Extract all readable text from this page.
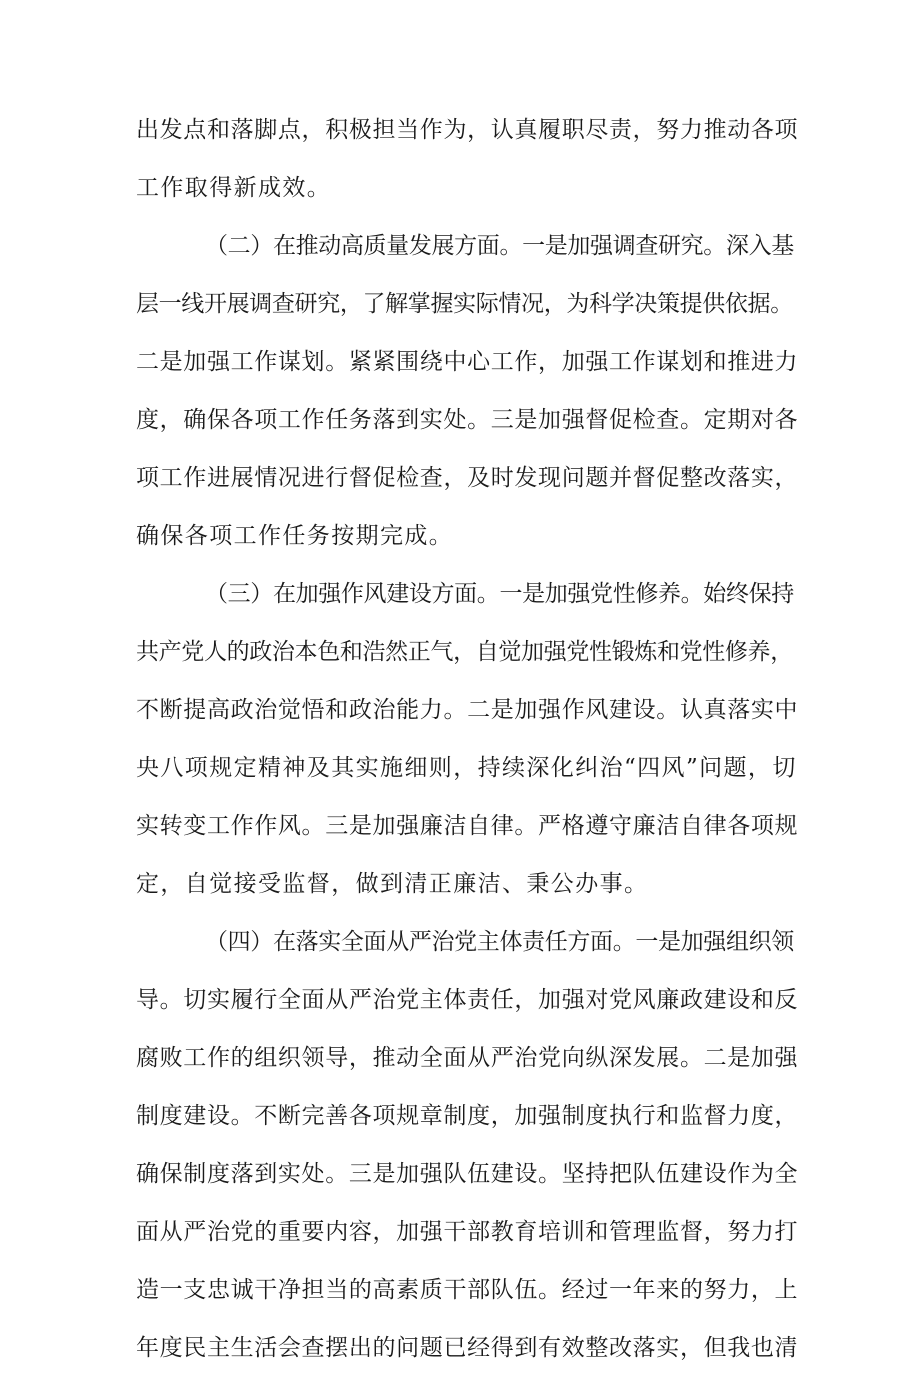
出发点和落脚点，积极担当作为，认真履职尽责，努力推动各项
工作取得新成效。
（二）在推动高质量发展方面。一是加强调查研究。深入基
层一线开展调查研究，了解掌握实际情况，为科学决策提供依据。
二是加强工作谋划。紧紧围绕中心工作，加强工作谋划和推进力
度，确保各项工作任务落到实处。三是加强督促检查。定期对各
项工作进展情况进行督促检查，及时发现问题并督促整改落实，
确保各项工作任务按期完成。
（三）在加强作风建设方面。一是加强党性修养。始终保持
共产党人的政治本色和浩然正气，自觉加强党性锻炼和党性修养，
不断提高政治觉悟和政治能力。二是加强作风建设。认真落实中
央八项规定精神及其实施细则，持续深化纠治“四风”问题，切
实转变工作作风。三是加强廉洁自律。严格遵守廉洁自律各项规
定，自觉接受监督，做到清正廉洁、秉公办事。
（四）在落实全面从严治党主体责任方面。一是加强组织领
导。切实履行全面从严治党主体责任，加强对党风廉政建设和反
腐败工作的组织领导，推动全面从严治党向纵深发展。二是加强
制度建设。不断完善各项规章制度，加强制度执行和监督力度，
确保制度落到实处。三是加强队伍建设。坚持把队伍建设作为全
面从严治党的重要内容，加强干部教育培训和管理监督，努力打
造一支忠诚干净担当的高素质干部队伍。经过一年来的努力，上
年度民主生活会查摆出的问题已经得到有效整改落实，但我也清
